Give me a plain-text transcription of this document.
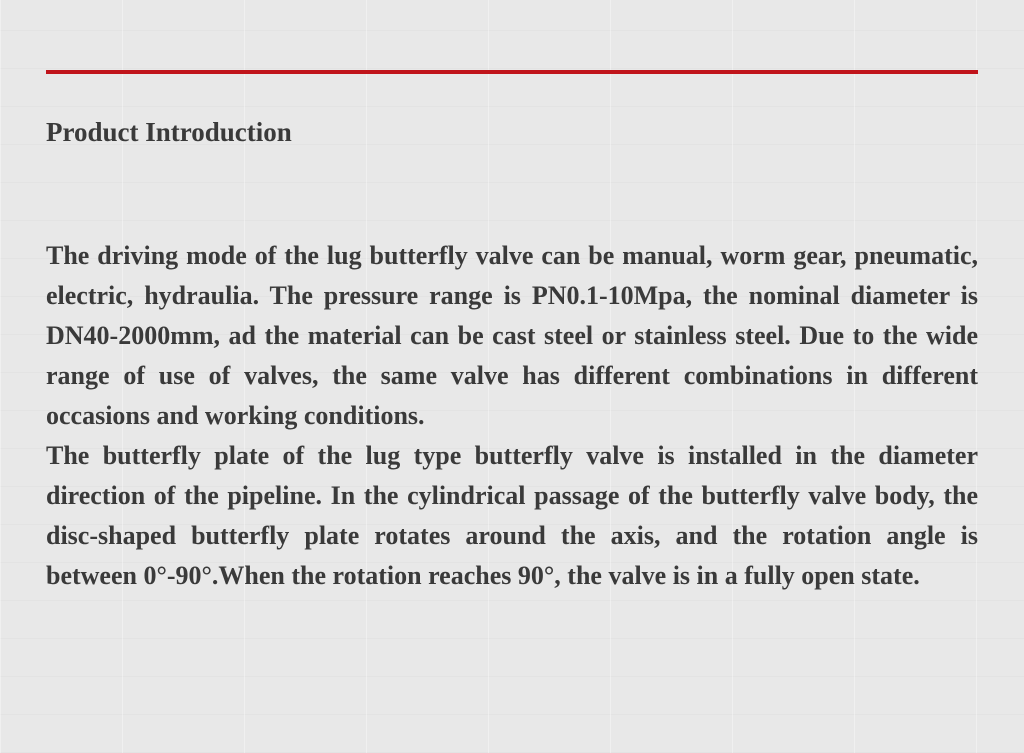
Product Introduction

The driving mode of the lug butterfly valve can be manual, worm gear, pneumatic, electric, hydraulia. The pressure range is PN0.1-10Mpa, the nominal diameter is DN40-2000mm, ad the material can be cast steel or stainless steel. Due to the wide range of use of valves, the same valve has different combinations in different occasions and working conditions.

The butterfly plate of the lug type butterfly valve is installed in the diameter direction of the pipeline. In the cylindrical passage of the butterfly valve body, the disc-shaped butterfly plate rotates around the axis, and the rotation angle is between 0°-90°.When the rotation reaches 90°, the valve is in a fully open state.
